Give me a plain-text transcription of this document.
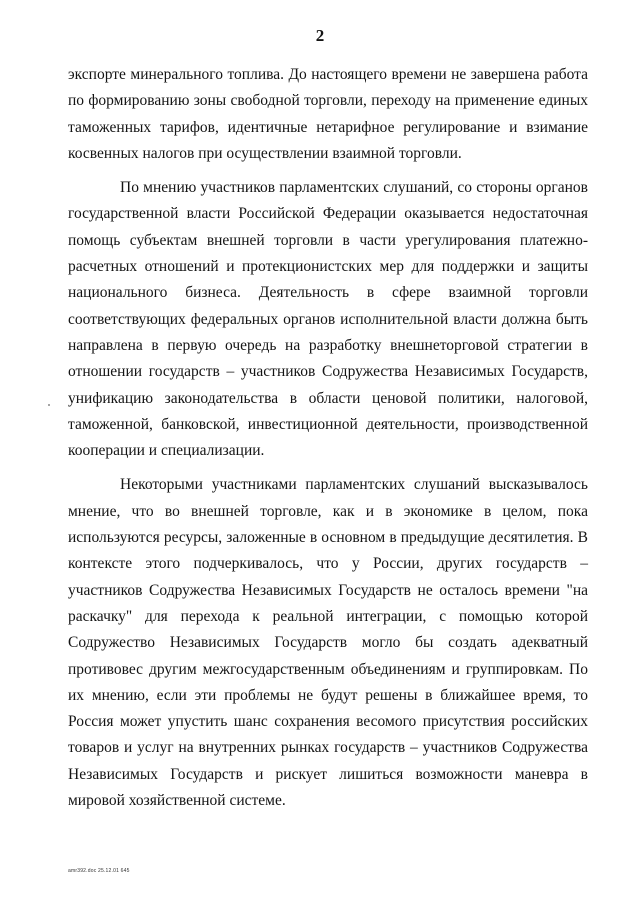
2

экспорте минерального топлива. До настоящего времени не завершена работа по формированию зоны свободной торговли, переходу на применение единых таможенных тарифов, идентичные нетарифное регулирование и взимание косвенных налогов при осуществлении взаимной торговли.

По мнению участников парламентских слушаний, со стороны органов государственной власти Российской Федерации оказывается недостаточная помощь субъектам внешней торговли в части урегулирования платежно-расчетных отношений и протекционистских мер для поддержки и защиты национального бизнеса. Деятельность в сфере взаимной торговли соответствующих федеральных органов исполнительной власти должна быть направлена в первую очередь на разработку внешнеторговой стратегии в отношении государств – участников Содружества Независимых Государств, унификацию законодательства в области ценовой политики, налоговой, таможенной, банковской, инвестиционной деятельности, производственной кооперации и специализации.

Некоторыми участниками парламентских слушаний высказывалось мнение, что во внешней торговле, как и в экономике в целом, пока используются ресурсы, заложенные в основном в предыдущие десятилетия. В контексте этого подчеркивалось, что у России, других государств – участников Содружества Независимых Государств не осталось времени "на раскачку" для перехода к реальной интеграции, с помощью которой Содружество Независимых Государств могло бы создать адекватный противовес другим межгосударственным объединениям и группировкам. По их мнению, если эти проблемы не будут решены в ближайшее время, то Россия может упустить шанс сохранения весомого присутствия российских товаров и услуг на внутренних рынках государств – участников Содружества Независимых Государств и рискует лишиться возможности маневра в мировой хозяйственной системе.

amr392.doc 25.12.01 645
